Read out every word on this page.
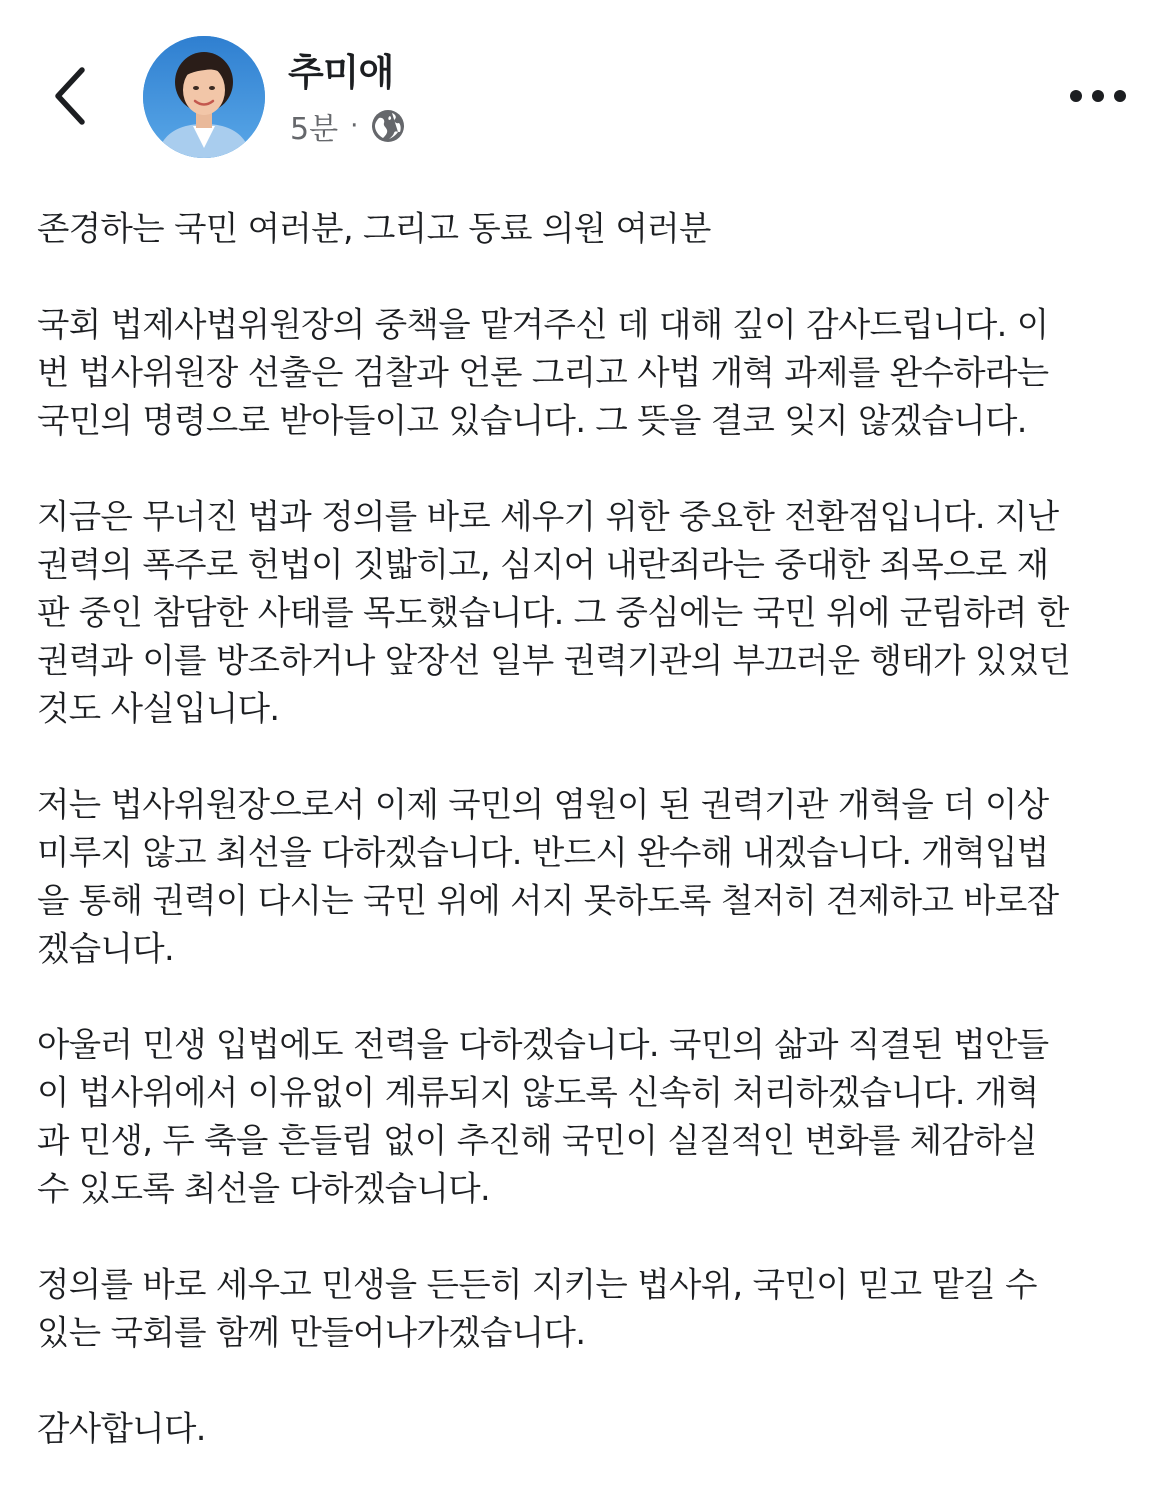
추미애
5분 ·

존경하는 국민 여러분, 그리고 동료 의원 여러분

국회 법제사법위원장의 중책을 맡겨주신 데 대해 깊이 감사드립니다. 이
번 법사위원장 선출은 검찰과 언론 그리고 사법 개혁 과제를 완수하라는
국민의 명령으로 받아들이고 있습니다. 그 뜻을 결코 잊지 않겠습니다.

지금은 무너진 법과 정의를 바로 세우기 위한 중요한 전환점입니다. 지난
권력의 폭주로 헌법이 짓밟히고, 심지어 내란죄라는 중대한 죄목으로 재
판 중인 참담한 사태를 목도했습니다. 그 중심에는 국민 위에 군림하려 한
권력과 이를 방조하거나 앞장선 일부 권력기관의 부끄러운 행태가 있었던
것도 사실입니다.

저는 법사위원장으로서 이제 국민의 염원이 된 권력기관 개혁을 더 이상
미루지 않고 최선을 다하겠습니다. 반드시 완수해 내겠습니다. 개혁입법
을 통해 권력이 다시는 국민 위에 서지 못하도록 철저히 견제하고 바로잡
겠습니다.

아울러 민생 입법에도 전력을 다하겠습니다. 국민의 삶과 직결된 법안들
이 법사위에서 이유없이 계류되지 않도록 신속히 처리하겠습니다. 개혁
과 민생, 두 축을 흔들림 없이 추진해 국민이 실질적인 변화를 체감하실
수 있도록 최선을 다하겠습니다.

정의를 바로 세우고 민생을 든든히 지키는 법사위, 국민이 믿고 맡길 수
있는 국회를 함께 만들어나가겠습니다.

감사합니다.
